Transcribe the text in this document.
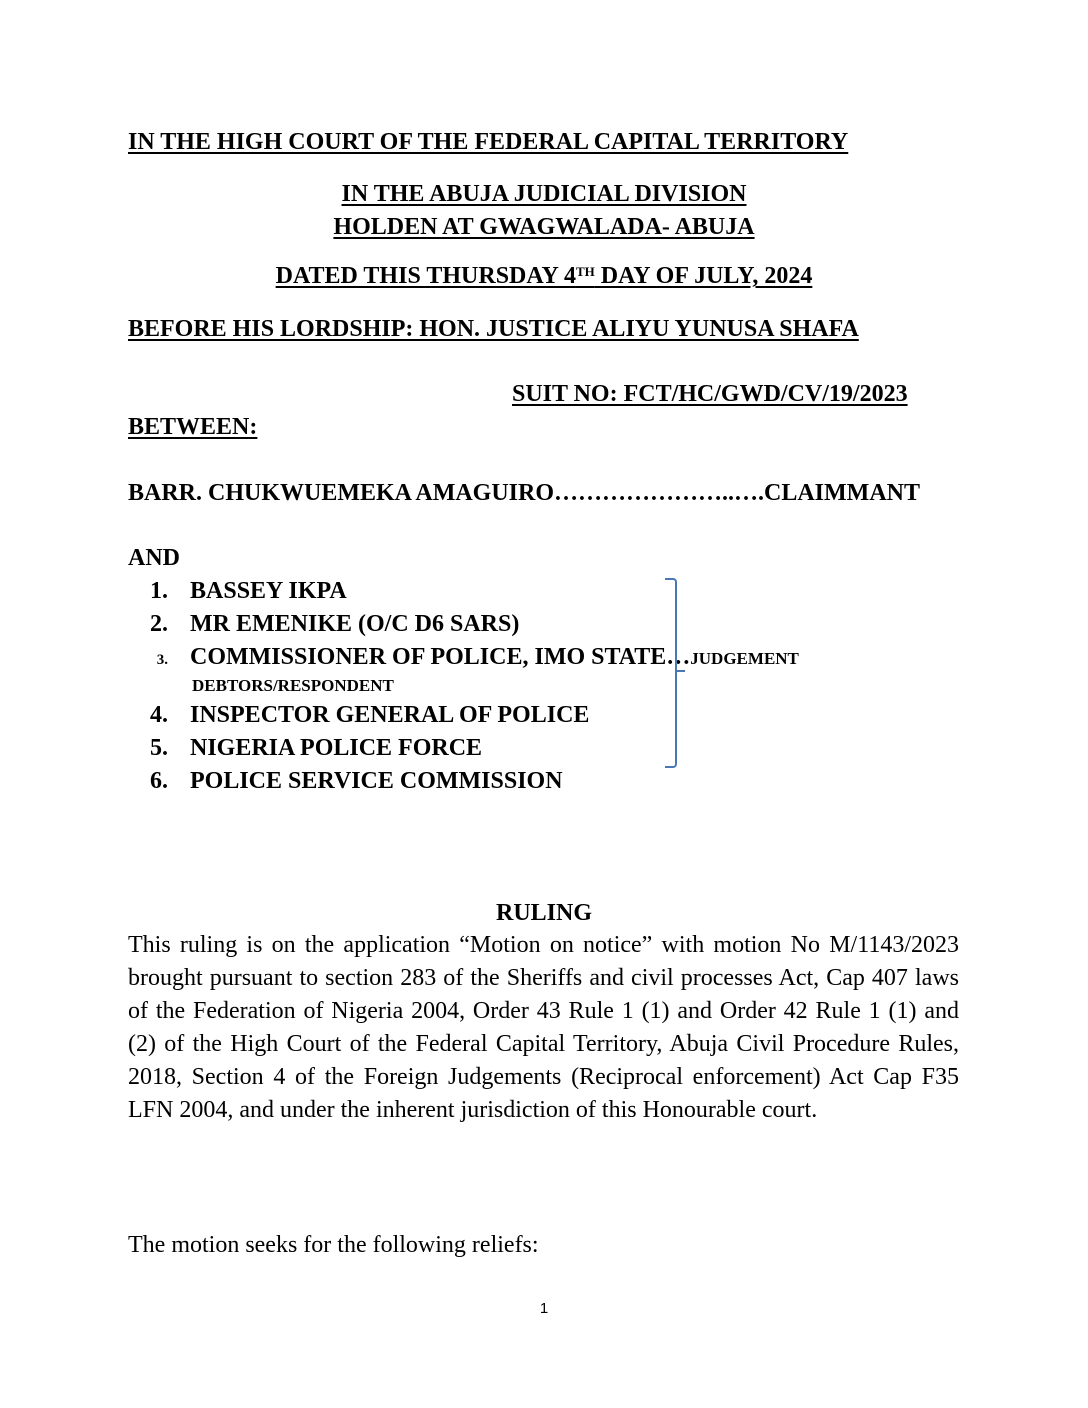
IN THE HIGH COURT OF THE FEDERAL CAPITAL TERRITORY
IN THE ABUJA JUDICIAL DIVISION
HOLDEN AT GWAGWALADA- ABUJA
DATED THIS THURSDAY 4TH DAY OF JULY, 2024
BEFORE HIS LORDSHIP: HON. JUSTICE ALIYU YUNUSA SHAFA
SUIT NO: FCT/HC/GWD/CV/19/2023
BETWEEN:
BARR. CHUKWUEMEKA AMAGUIRO…………………..….CLAIMMANT
AND
1. BASSEY IKPA
2. MR EMENIKE (O/C D6 SARS)
3. COMMISSIONER OF POLICE, IMO STATE…JUDGEMENT
DEBTORS/RESPONDENT
4. INSPECTOR GENERAL OF POLICE
5. NIGERIA POLICE FORCE
6. POLICE SERVICE COMMISSION
RULING
This ruling is on the application “Motion on notice” with motion No M/1143/2023 brought pursuant to section 283 of the Sheriffs and civil processes Act, Cap 407 laws of the Federation of Nigeria 2004, Order 43 Rule 1 (1) and Order 42 Rule 1 (1) and (2) of the High Court of the Federal Capital Territory, Abuja Civil Procedure Rules, 2018, Section 4 of the Foreign Judgements (Reciprocal enforcement) Act Cap F35 LFN 2004, and under the inherent jurisdiction of this Honourable court.
The motion seeks for the following reliefs:
1
